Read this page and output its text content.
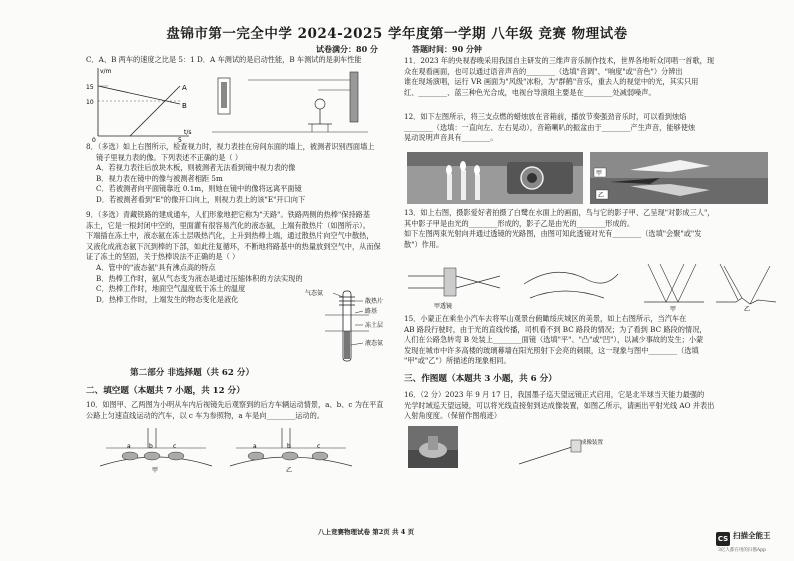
盘锦市第一完全中学 2024-2025 学年度第一学期 八年级 竞赛 物理试卷
试卷满分：80 分	答题时间：90 分钟
C．A、B 两车的速度之比是 5：1 D．A 车测试的是启动性能，B 车测试的是刹车性能
v/m
15
10
0	5
t/s
A
B
8．（多选）如上右图所示，检查视力时，视力表挂在房间东面的墙上，被测者识别西面墙上
镜子里视力表的像。下列表述不正确的是（ ）
A．若视力表往后放块木板，则被测者无法看到镜中视力表的像
B．视力表在镜中的像与被测者相距 5m
C．若被测者向平面镜靠近 0.1m，则她在镜中的像将远离平面镜
D．若被测者看到"E"的像开口向上，则视力表上的该"E"开口向下
9．（多选）青藏铁路的建成通车，人们形象地把它称为"天路"。铁路两侧的热棒"保持路基
冻土，它是一根封闭中空的，里面灌有很容易汽化的液态氨，上端有散热片（如图所示）。
下端插在冻土中，液态氨在冻土层吸热汽化，上升到热棒上端，通过散热片向空气中散热，
又液化成液态氨下沉到棒的下部，如此往复循环，不断地将路基中的热量放到空气中，从而保
证了冻土的坚固，关于热棒说法不正确的是（ ）
A．管中的"液态氨"具有沸点高的特点
B．热棒工作时，氨从气态变为液态是通过压缩体积的方法实现的
C．热棒工作时，地面空气温度低于冻土的温度
D．热棒工作时，上端发生的物态变化是液化
气态氨
散热片
路基
冻土层
液态氨
第二部分 非选择题（共 62 分）
二、填空题（本题共 7 小题，共 12 分）
10．如图甲、乙两图为小明从车内后视镜先后观察到的后方车辆运动情景，a、b、c 为在平直
公路上匀速直线运动的汽车，以 c 车为参照物，a 车是向________运动的。
a	b	c
甲
a	b	c
乙
11．2023 年的央视春晚采用我国自主研发的三维声音乐制作技术，世界各地听众同唱一首歌，现
众在观看画面，也可以通过语音声音的________（选填"音调"、"响度"或"音色"）分辨出
谁在现场演唱，运行 VR 画面为"风级"冰粉，为"群鹤"音乐，重去人的视觉中的光，其实只用
红、________、蓝三种色光合成，电视台导演组主要是在________处减弱噪声。
12．如下左图所示，将三支点燃的蜡烛放在音箱前，播放节奏强劲音乐时，可以看到烛焰
________（选填：一直向左、左右晃动），音箱喇叭的振盆由于________产生声音，能够使烛
晃动说明声音具有________。
甲
乙
13．如上右图，摄影爱好者拍摄了白鹭在水面上的画面，鸟与它的影子甲、乙呈现"对影成三人"，
其中影子甲是由光的________形成的，影子乙是由光的________形成的。
如下左图两束光射向并通过透镜的光路图，由图可知此透镜对光有________（选填"会聚"或"发
散"）作用。
甲透镜	甲	乙
15．小蒙正在乘坐小汽车去将军山观景台俯瞰绥庆城区的美景，如上右图所示，当汽车在
AB 路段行驶时，由于光的直线传播，司机看不到 BC 路段的情况；为了看到 BC 路段的情况，
人们在公路急转弯 B 处装上________面镜（选填"平"、"凸"或"凹"），以减少事故的发生；小蒙
发现在城市中许多高楼的玻璃幕墙在阳光照射下会亮的刺眼，这一现象与图中________（选填
"甲"或"乙"）所描述的现象相同。
三、作图题（本题共 3 小题，共 6 分）
16．（2 分）2023 年 9 月 17 日，我国墨子巡天望远镜正式启用，它是北半球当天能力最强的
光学时域巡天望远镜，可以将光线直接射到达成像装置，如图乙所示，请画出平射光线 AO 并表出
入射角度度。（保留作图痕迹）
成像装置
八上竞赛物理试卷 第2页 共 4 页
CS 扫描全能王
3亿人都在用的扫描App
